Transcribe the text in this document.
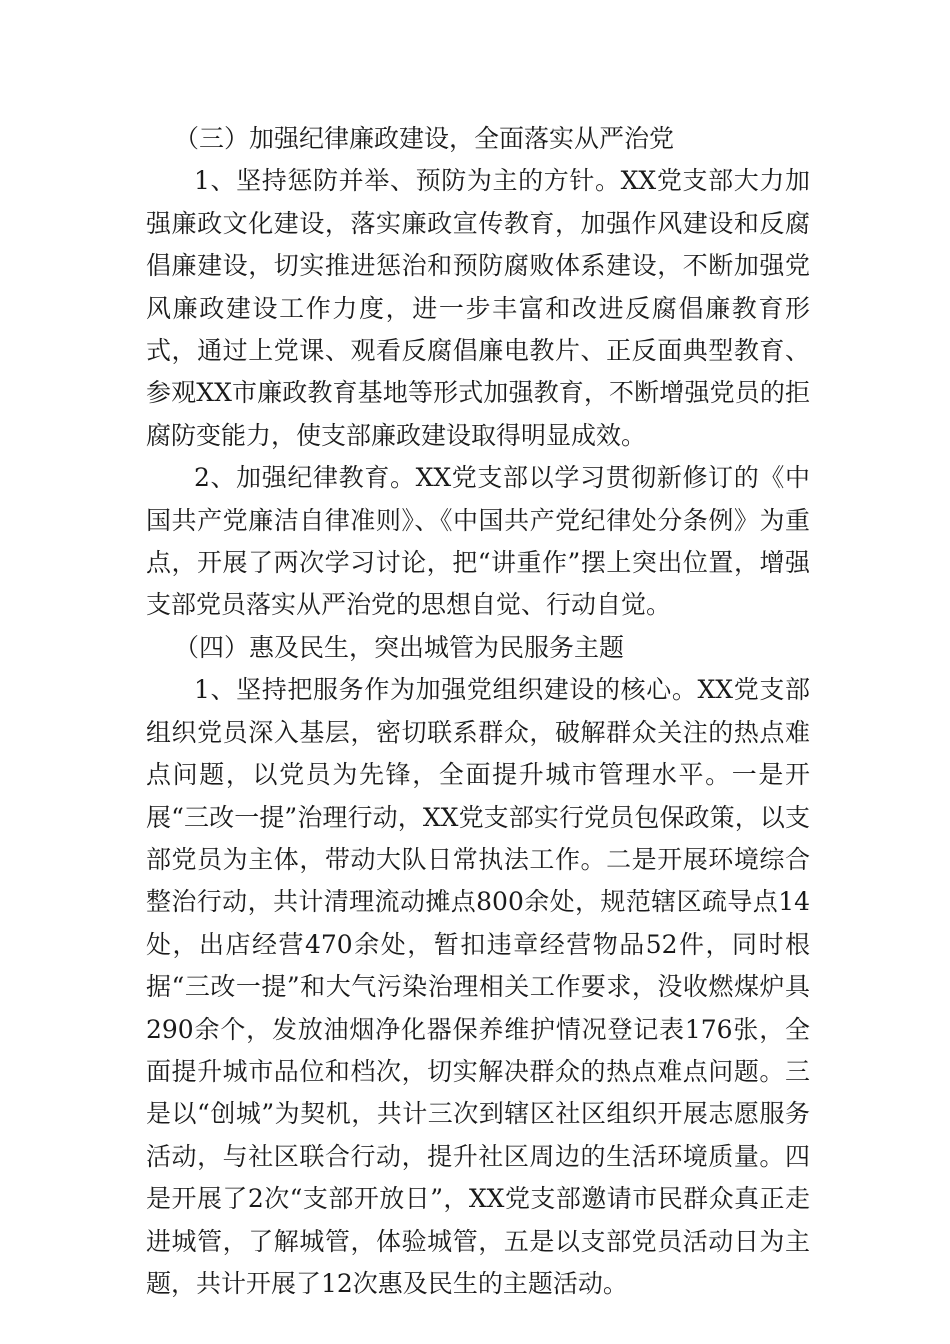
（三）加强纪律廉政建设，全面落实从严治党

1、坚持惩防并举、预防为主的方针。XX党支部大力加强廉政文化建设，落实廉政宣传教育，加强作风建设和反腐倡廉建设，切实推进惩治和预防腐败体系建设，不断加强党风廉政建设工作力度，进一步丰富和改进反腐倡廉教育形式，通过上党课、观看反腐倡廉电教片、正反面典型教育、参观XX市廉政教育基地等形式加强教育，不断增强党员的拒腐防变能力，使支部廉政建设取得明显成效。

2、加强纪律教育。XX党支部以学习贯彻新修订的《中国共产党廉洁自律准则》、《中国共产党纪律处分条例》为重点，开展了两次学习讨论，把“讲重作”摆上突出位置，增强支部党员落实从严治党的思想自觉、行动自觉。

（四）惠及民生，突出城管为民服务主题

1、坚持把服务作为加强党组织建设的核心。XX党支部组织党员深入基层，密切联系群众，破解群众关注的热点难点问题，以党员为先锋，全面提升城市管理水平。一是开展“三改一提”治理行动，XX党支部实行党员包保政策，以支部党员为主体，带动大队日常执法工作。二是开展环境综合整治行动，共计清理流动摊点800余处，规范辖区疏导点14处，出店经营470余处，暂扣违章经营物品52件，同时根据“三改一提”和大气污染治理相关工作要求，没收燃煤炉具290余个，发放油烟净化器保养维护情况登记表176张，全面提升城市品位和档次，切实解决群众的热点难点问题。三是以“创城”为契机，共计三次到辖区社区组织开展志愿服务活动，与社区联合行动，提升社区周边的生活环境质量。四是开展了2次“支部开放日”，XX党支部邀请市民群众真正走进城管，了解城管，体验城管，五是以支部党员活动日为主题，共计开展了12次惠及民生的主题活动。
